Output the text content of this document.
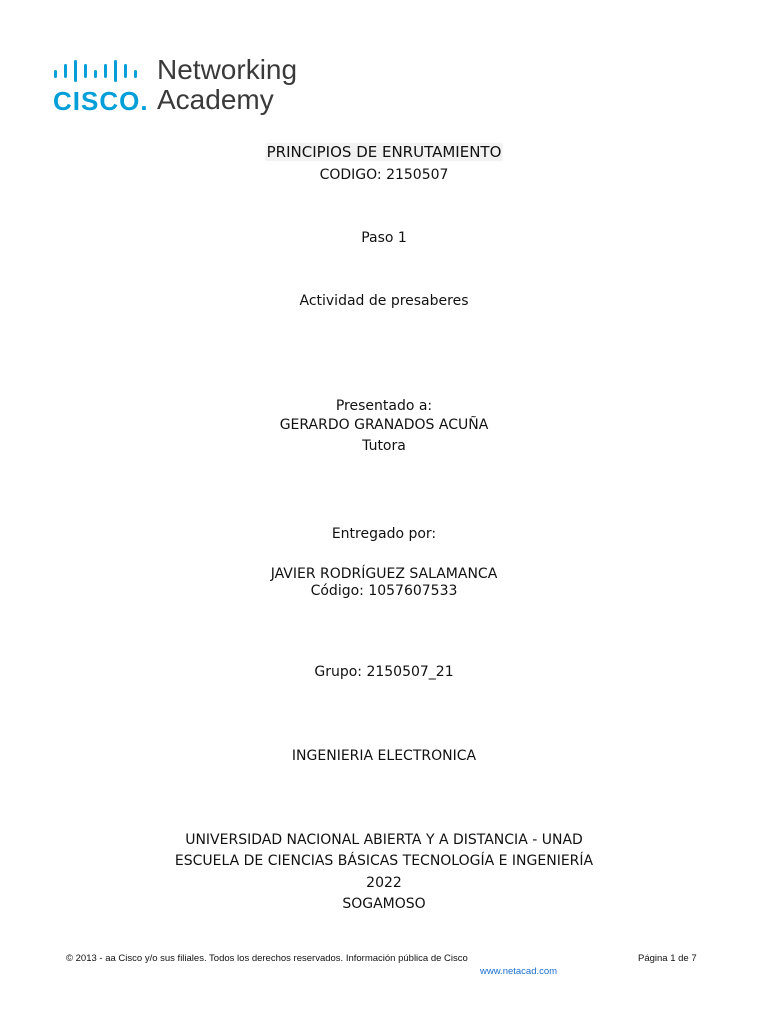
CISCO.
Networking
Academy
PRINCIPIOS DE ENRUTAMIENTO
CODIGO: 2150507
Paso 1
Actividad de presaberes
Presentado a:
GERARDO GRANADOS ACUÑA
Tutora
Entregado por:
JAVIER RODRÍGUEZ SALAMANCA
Código: 1057607533
Grupo: 2150507_21
INGENIERIA ELECTRONICA
UNIVERSIDAD NACIONAL ABIERTA Y A DISTANCIA - UNAD
ESCUELA DE CIENCIAS BÁSICAS TECNOLOGÍA E INGENIERÍA
2022
SOGAMOSO
© 2013 - aa Cisco y/o sus filiales. Todos los derechos reservados. Información pública de Cisco	Página 1 de 7
www.netacad.com
